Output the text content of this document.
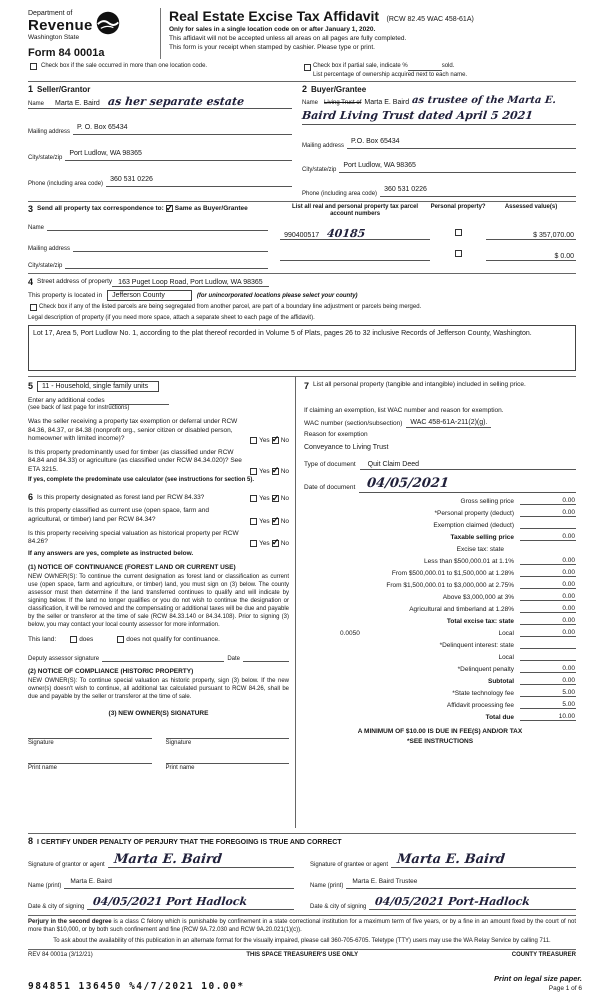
Department of
Revenue
Washington State
Form 84 0001a
Real Estate Excise Tax Affidavit (RCW 82.45 WAC 458-61A)
Only for sales in a single location code on or after January 1, 2020.
This affidavit will not be accepted unless all areas on all pages are fully completed.
This form is your receipt when stamped by cashier. Please type or print.
Check box if the sale occurred in more than one location code.	Check box if partial sale, indicate %	sold.
List percentage of ownership acquired next to each name.
1 Seller/Grantor
Name	Marta E. Baird as her separate estate
Mailing address
P. O. Box 65434
City/state/zip
Port Ludlow, WA 98365
Phone (including area code)
360 531 0226
2 Buyer/Grantee
Name Living Trust of Marta E. Baird as trustee of the Marta E.
Baird Living Trust dated April 5 2021
Mailing address
P.O. Box 65434
City/state/zip
Port Ludlow, WA 98365
Phone (including area code)
360 531 0226
3 Send all property tax correspondence to: ✓ Same as Buyer/Grantee
Name
Mailing address
City/state/zip
List all real and personal property tax parcel account numbers
Personal property?	Assessed value(s)
990400517 40185	$ 357,070.00
$ 0.00
4 Street address of property 163 Puget Loop Road, Port Ludlow, WA 98365
This property is located in	Jefferson County	(for unincorporated locations please select your county)
Check box if any of the listed parcels are being segregated from another parcel, are part of a boundary line adjustment or parcels being merged.
Legal description of property (if you need more space, attach a separate sheet to each page of the affidavit).
Lot 17, Area 5, Port Ludlow No. 1, according to the plat thereof recorded in Volume 5 of Plats, pages 26 to 32 inclusive Records of Jefferson County, Washington.
5	11 - Household, single family units
Enter any additional codes
(see back of last page for instructions)

Was the seller receiving a property tax exemption or deferral under RCW 84.36, 84.37, or 84.38 (nonprofit org., senior citizen or disabled person, homeowner with limited income)?	Yes ✓ No

Is this property predominantly used for timber (as classified under RCW 84.84 and 84.33) or agriculture (as classified under RCW 84.34.020)? See ETA 3215.	Yes ✓ No

If yes, complete the predominate use calculator (see instructions for section 5).

6 Is this property designated as forest land per RCW 84.33?	Yes ✓ No

Is this property classified as current use (open space, farm and agricultural, or timber) land per RCW 84.34?	Yes ✓ No

Is this property receiving special valuation as historical property per RCW 84.26?	Yes ✓ No
If any answers are yes, complete as instructed below.
(1) NOTICE OF CONTINUANCE (FOREST LAND OR CURRENT USE)

NEW OWNER(S): To continue the current designation as forest land or classification as current use (open space, farm and agriculture, or timber) land, you must sign on (3) below. The county assessor must then determine if the land transferred continues to qualify and will indicate by signing below. If the land no longer qualifies or you do not wish to continue the designation or classification, it will be removed and the compensating or additional taxes will be due and payable by the seller or transferor at the time of sale (RCW 84.33.140 or 84.34.108). Prior to signing (3) below, you may contact your local county assessor for more information.

This land:	does	does not qualify for continuance.
Deputy assessor signature	Date
(2) NOTICE OF COMPLIANCE (HISTORIC PROPERTY)

NEW OWNER(S): To continue special valuation as historic property, sign (3) below. If the new owner(s) doesn't wish to continue, all additional tax calculated pursuant to RCW 84.26, shall be due and payable by the seller or transferor at the time of sale.

(3) NEW OWNER(S) SIGNATURE
Signature	Signature
Print name	Print name
7 List all personal property (tangible and intangible) included in selling price.
If claiming an exemption, list WAC number and reason for exemption.
WAC number (section/subsection)	WAC 458-61A-211(2)(g).
Reason for exemption
Conveyance to Living Trust
Type of document	Quit Claim Deed
Date of document 04/05/2021
Gross selling price	0.00
*Personal property (deduct)	0.00
Exemption claimed (deduct)
Taxable selling price	0.00
Excise tax: state
Less than $500,000.01 at 1.1%	0.00
From $500,000.01 to $1,500,000 at 1.28%	0.00
From $1,500,000.01 to $3,000,000 at 2.75%	0.00
Above $3,000,000 at 3%	0.00
Agricultural and timberland at 1.28%	0.00
Total excise tax: state	0.00
0.0050	Local	0.00
*Delinquent interest: state
Local
*Delinquent penalty	0.00
Subtotal	0.00
*State technology fee	5.00
Affidavit processing fee	5.00
Total due	10.00
A MINIMUM OF $10.00 IS DUE IN FEE(S) AND/OR TAX
*SEE INSTRUCTIONS
8 I CERTIFY UNDER PENALTY OF PERJURY THAT THE FOREGOING IS TRUE AND CORRECT
Signature of grantor or agent Marta E. Baird
Name (print)
Marta E. Baird
Date & city of signing 04/05/2021 Port Hadlock
Signature of grantee or agent Marta E. Baird
Name (print)
Marta E. Baird Trustee
Date & city of signing 04/05/2021 Port-Hadlock
Perjury in the second degree is a class C felony which is punishable by confinement in a state correctional institution for a maximum term of five years, or by a fine in an amount fixed by the court of not more than $10,000, or by both such confinement and fine (RCW 9A.72.030 and RCW 9A.20.021(1)(c)).
To ask about the availability of this publication in an alternate format for the visually impaired, please call 360-705-6705. Teletype (TTY) users may use the WA Relay Service by calling 711.
REV 84 0001a (3/12/21)	THIS SPACE TREASURER'S USE ONLY	COUNTY TREASURER
984851 136450 %4/7/2021 10.00*
Print on legal size paper.
Page 1 of 6
